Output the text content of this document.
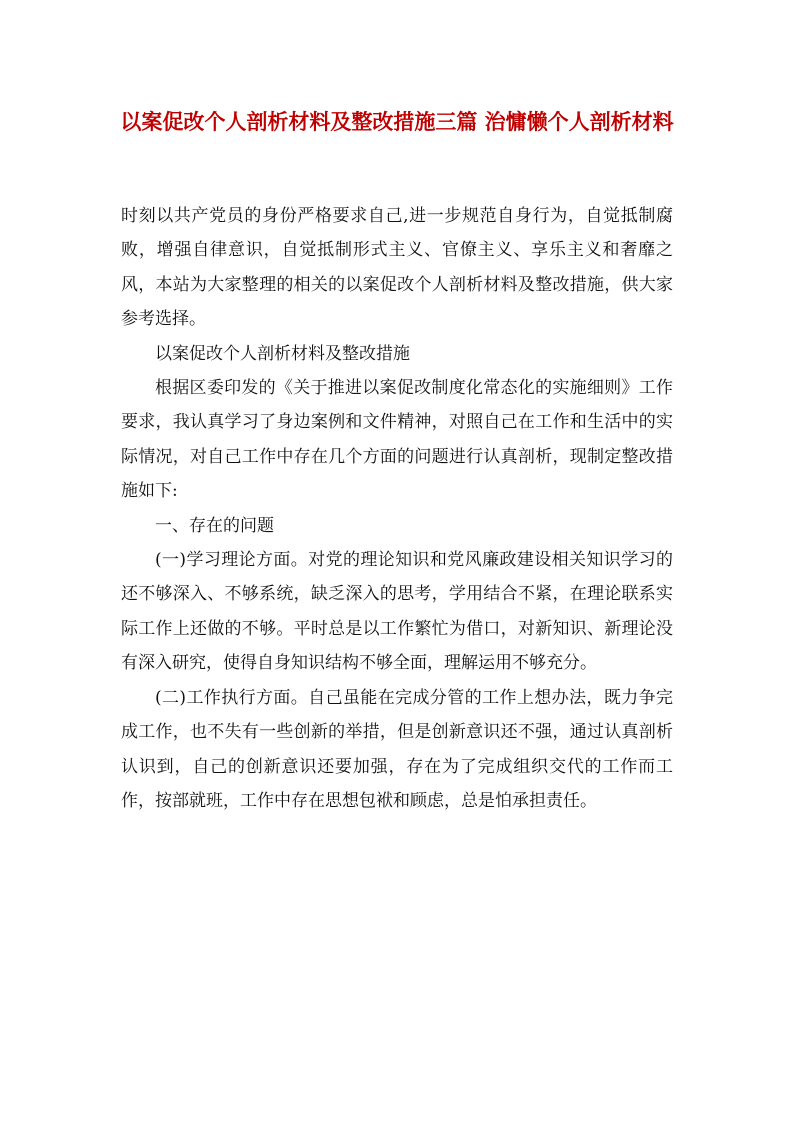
以案促改个人剖析材料及整改措施三篇 治慵懒个人剖析材料

时刻以共产党员的身份严格要求自己,进一步规范自身行为，自觉抵制腐败，增强自律意识，自觉抵制形式主义、官僚主义、享乐主义和奢靡之风，本站为大家整理的相关的以案促改个人剖析材料及整改措施，供大家参考选择。

以案促改个人剖析材料及整改措施

根据区委印发的《关于推进以案促改制度化常态化的实施细则》工作要求，我认真学习了身边案例和文件精神，对照自己在工作和生活中的实际情况，对自己工作中存在几个方面的问题进行认真剖析，现制定整改措施如下:

一、存在的问题

(一)学习理论方面。对党的理论知识和党风廉政建设相关知识学习的还不够深入、不够系统，缺乏深入的思考，学用结合不紧，在理论联系实际工作上还做的不够。平时总是以工作繁忙为借口，对新知识、新理论没有深入研究，使得自身知识结构不够全面，理解运用不够充分。

(二)工作执行方面。自己虽能在完成分管的工作上想办法，既力争完成工作，也不失有一些创新的举措，但是创新意识还不强，通过认真剖析认识到，自己的创新意识还要加强，存在为了完成组织交代的工作而工作，按部就班，工作中存在思想包袱和顾虑，总是怕承担责任。
